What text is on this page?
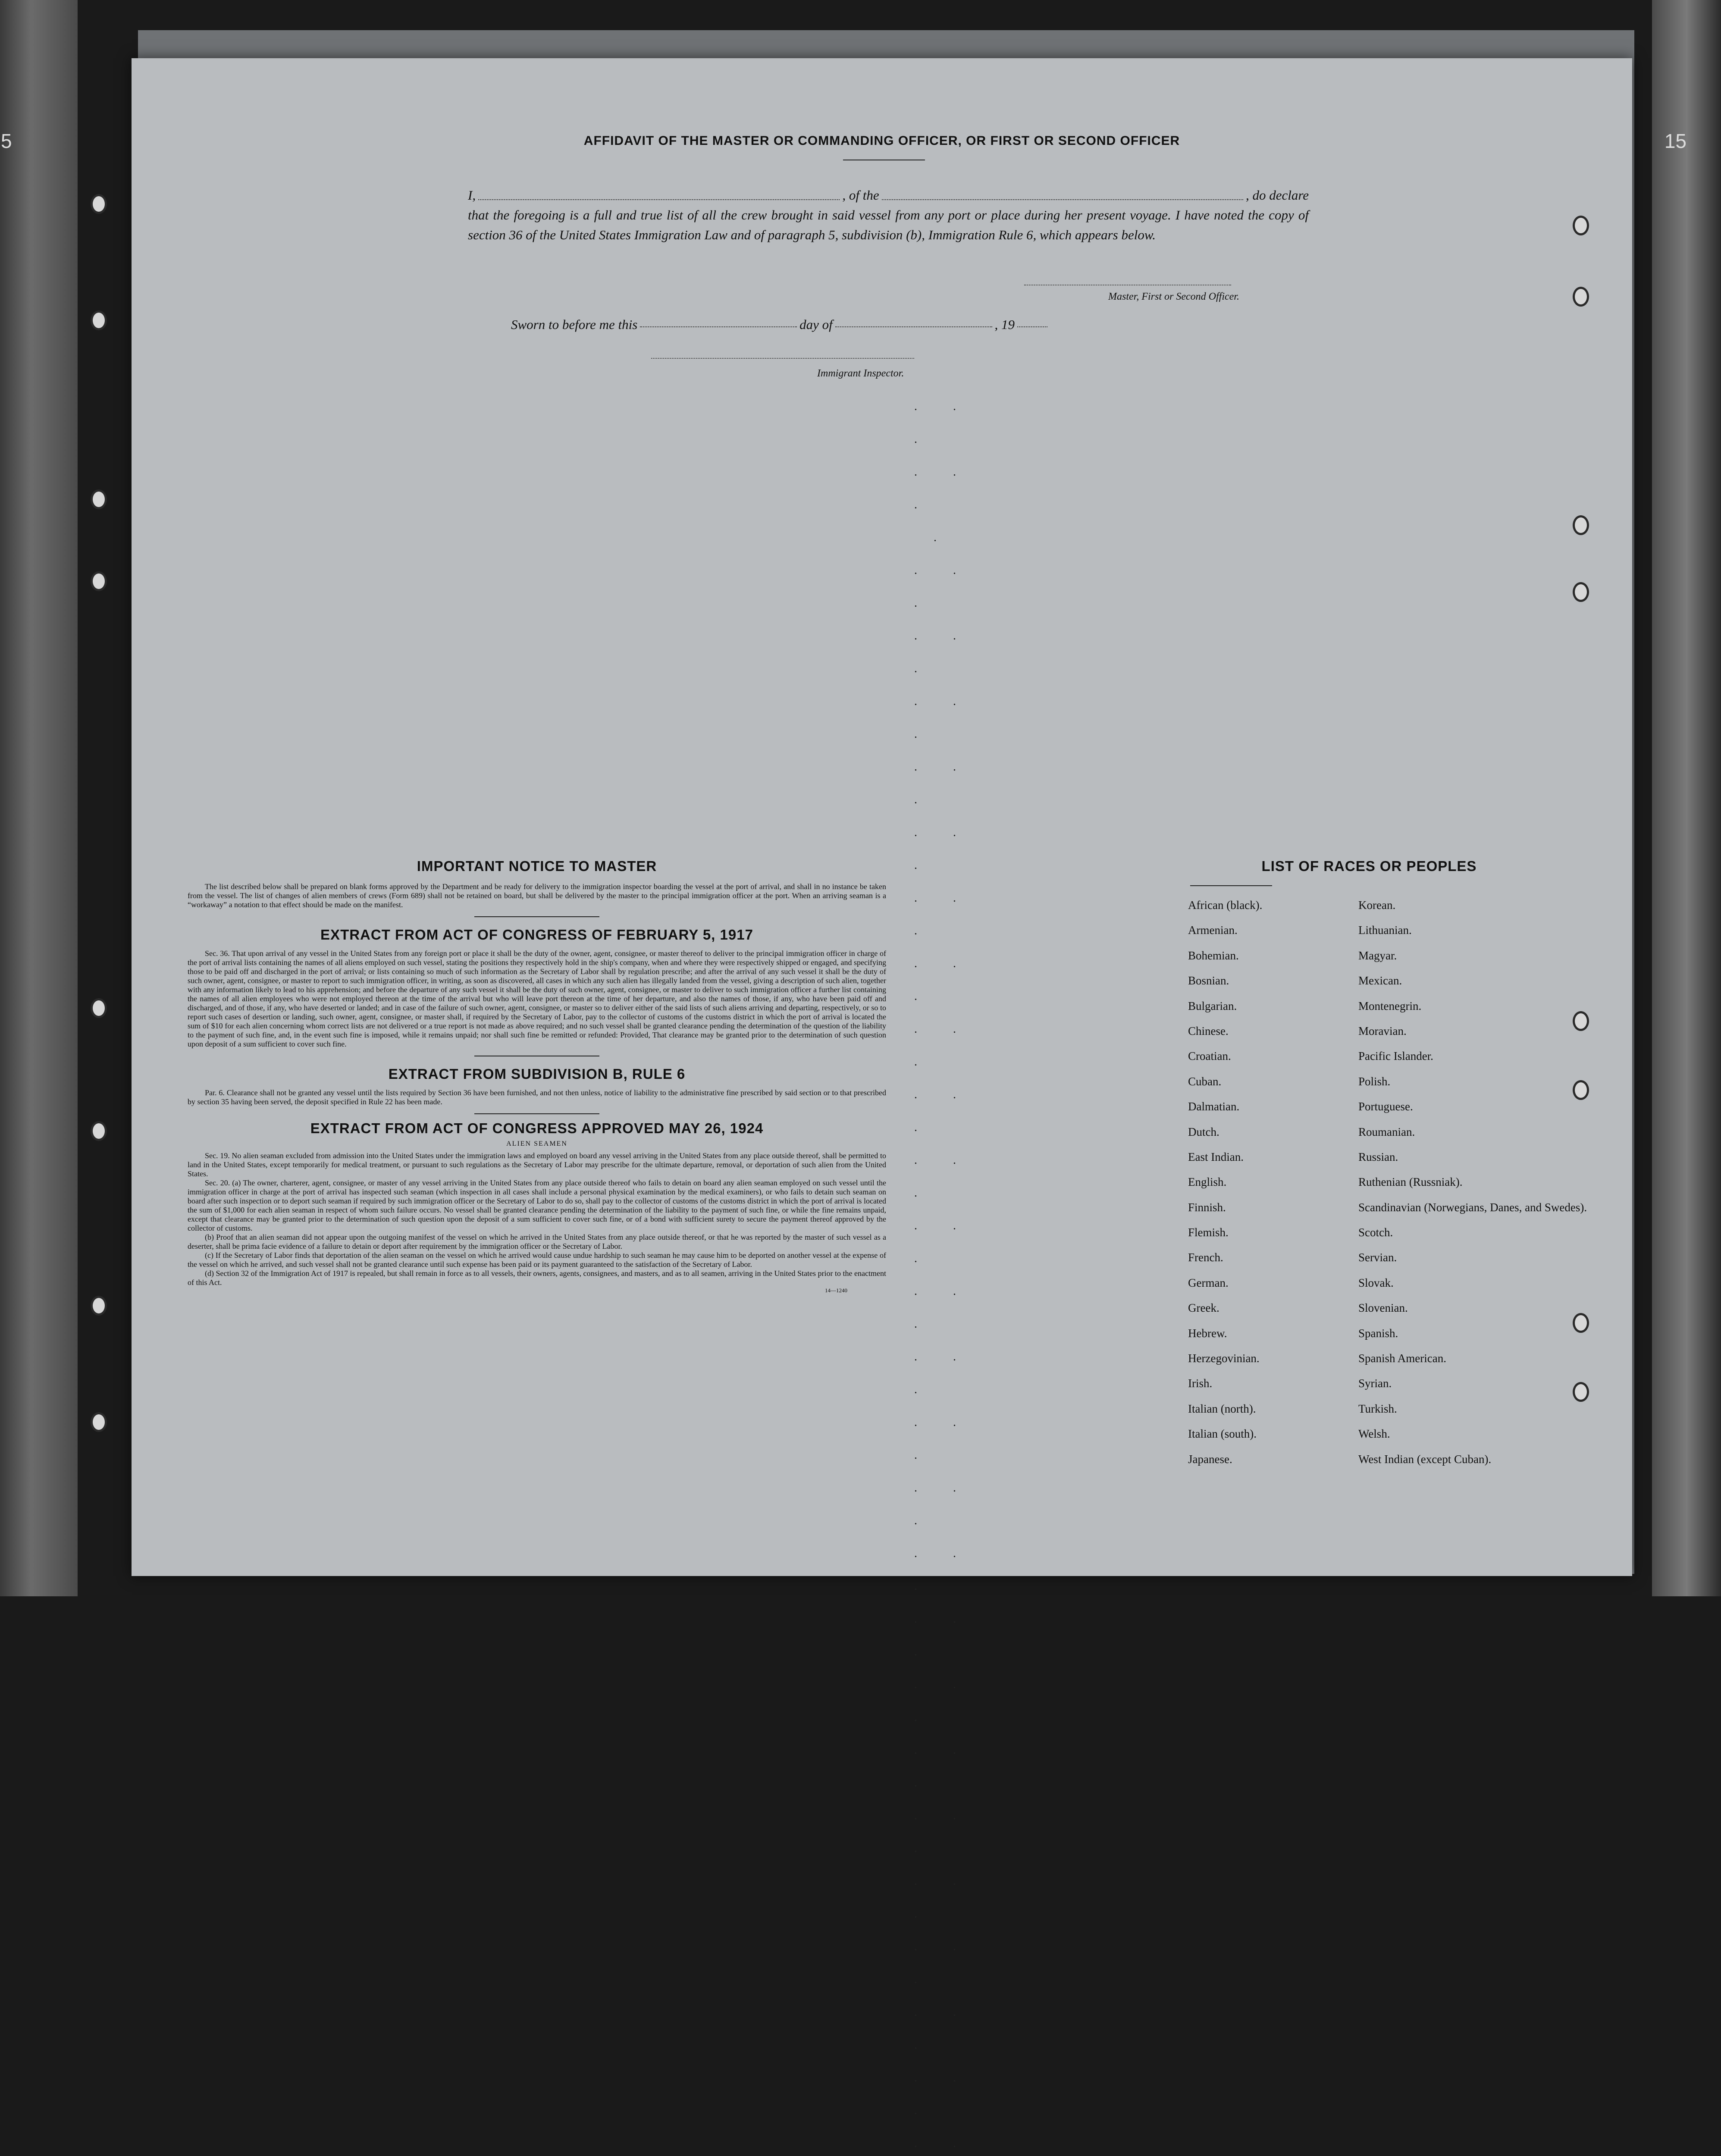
5	15
AFFIDAVIT OF THE MASTER OR COMMANDING OFFICER, OR FIRST OR SECOND OFFICER
I,	, of the	, do declare
that the foregoing is a full and true list of all the crew brought in said vessel from any port or place during her present voyage. I have noted the copy of section 36 of the United States Immigration Law and of paragraph 5, subdivision (b), Immigration Rule 6, which appears below.
Master, First or Second Officer.
Sworn to before me this	day of	, 19
Immigrant Inspector.
. . .
. . .  .
. . .
. . .
. . .
. . .
. . .
. . .
. . .
. . .
. . .
. . .
. . .
. . .
. . .
. . .
. . .
. . .
. . .
. . .
. . .
. . .
. . .
. . .
. . .
. . .
. .

IMPORTANT NOTICE TO MASTER
The list described below shall be prepared on blank forms approved by the Department and be ready for delivery to the immigration inspector boarding the vessel at the port of arrival, and shall in no instance be taken from the vessel. The list of changes of alien members of crews (Form 689) shall not be retained on board, but shall be delivered by the master to the principal immigration officer at the port. When an arriving seaman is a “workaway” a notation to that effect should be made on the manifest.
EXTRACT FROM ACT OF CONGRESS OF FEBRUARY 5, 1917
Sec. 36. That upon arrival of any vessel in the United States from any foreign port or place it shall be the duty of the owner, agent, consignee, or master thereof to deliver to the principal immigration officer in charge of the port of arrival lists containing the names of all aliens employed on such vessel, stating the positions they respectively hold in the ship's company, when and where they were respectively shipped or engaged, and specifying those to be paid off and discharged in the port of arrival; or lists containing so much of such information as the Secretary of Labor shall by regulation prescribe; and after the arrival of any such vessel it shall be the duty of such owner, agent, consignee, or master to report to such immigration officer, in writing, as soon as discovered, all cases in which any such alien has illegally landed from the vessel, giving a description of such alien, together with any information likely to lead to his apprehension; and before the departure of any such vessel it shall be the duty of such owner, agent, consignee, or master to deliver to such immigration officer a further list containing the names of all alien employees who were not employed thereon at the time of the arrival but who will leave port thereon at the time of her departure, and also the names of those, if any, who have been paid off and discharged, and of those, if any, who have deserted or landed; and in case of the failure of such owner, agent, consignee, or master so to deliver either of the said lists of such aliens arriving and departing, respectively, or so to report such cases of desertion or landing, such owner, agent, consignee, or master shall, if required by the Secretary of Labor, pay to the collector of customs of the customs district in which the port of arrival is located the sum of $10 for each alien concerning whom correct lists are not delivered or a true report is not made as above required; and no such vessel shall be granted clearance pending the determination of the question of the liability to the payment of such fine, and, in the event such fine is imposed, while it remains unpaid; nor shall such fine be remitted or refunded: Provided, That clearance may be granted prior to the determination of such question upon deposit of a sum sufficient to cover such fine.
EXTRACT FROM SUBDIVISION B, RULE 6
Par. 6. Clearance shall not be granted any vessel until the lists required by Section 36 have been furnished, and not then unless, notice of liability to the administrative fine prescribed by said section or to that prescribed by section 35 having been served, the deposit specified in Rule 22 has been made.
EXTRACT FROM ACT OF CONGRESS APPROVED MAY 26, 1924
ALIEN SEAMEN
Sec. 19. No alien seaman excluded from admission into the United States under the immigration laws and employed on board any vessel arriving in the United States from any place outside thereof, shall be permitted to land in the United States, except temporarily for medical treatment, or pursuant to such regulations as the Secretary of Labor may prescribe for the ultimate departure, removal, or deportation of such alien from the United States.
Sec. 20. (a) The owner, charterer, agent, consignee, or master of any vessel arriving in the United States from any place outside thereof who fails to detain on board any alien seaman employed on such vessel until the immigration officer in charge at the port of arrival has inspected such seaman (which inspection in all cases shall include a personal physical examination by the medical examiners), or who fails to detain such seaman on board after such inspection or to deport such seaman if required by such immigration officer or the Secretary of Labor to do so, shall pay to the collector of customs of the customs district in which the port of arrival is located the sum of $1,000 for each alien seaman in respect of whom such failure occurs. No vessel shall be granted clearance pending the determination of the liability to the payment of such fine, or while the fine remains unpaid, except that clearance may be granted prior to the determination of such question upon the deposit of a sum sufficient to cover such fine, or of a bond with sufficient surety to secure the payment thereof approved by the collector of customs.
(b) Proof that an alien seaman did not appear upon the outgoing manifest of the vessel on which he arrived in the United States from any place outside thereof, or that he was reported by the master of such vessel as a deserter, shall be prima facie evidence of a failure to detain or deport after requirement by the immigration officer or the Secretary of Labor.
(c) If the Secretary of Labor finds that deportation of the alien seaman on the vessel on which he arrived would cause undue hardship to such seaman he may cause him to be deported on another vessel at the expense of the vessel on which he arrived, and such vessel shall not be granted clearance until such expense has been paid or its payment guaranteed to the satisfaction of the Secretary of Labor.
(d) Section 32 of the Immigration Act of 1917 is repealed, but shall remain in force as to all vessels, their owners, agents, consignees, and masters, and as to all seamen, arriving in the United States prior to the enactment of this Act.
14—1240
LIST OF RACES OR PEOPLES
African (black).	Korean.
Armenian.	Lithuanian.
Bohemian.	Magyar.
Bosnian.	Mexican.
Bulgarian.	Montenegrin.
Chinese.	Moravian.
Croatian.	Pacific Islander.
Cuban.	Polish.
Dalmatian.	Portuguese.
Dutch.	Roumanian.
East Indian.	Russian.
English.	Ruthenian (Russniak).
Finnish.	Scandinavian (Norwegians, Danes, and Swedes).
Flemish.	Scotch.
French.	Servian.
German.	Slovak.
Greek.	Slovenian.
Hebrew.	Spanish.
Herzegovinian.	Spanish American.
Irish.	Syrian.
Italian (north).	Turkish.
Italian (south).	Welsh.
Japanese.	West Indian (except Cuban).
